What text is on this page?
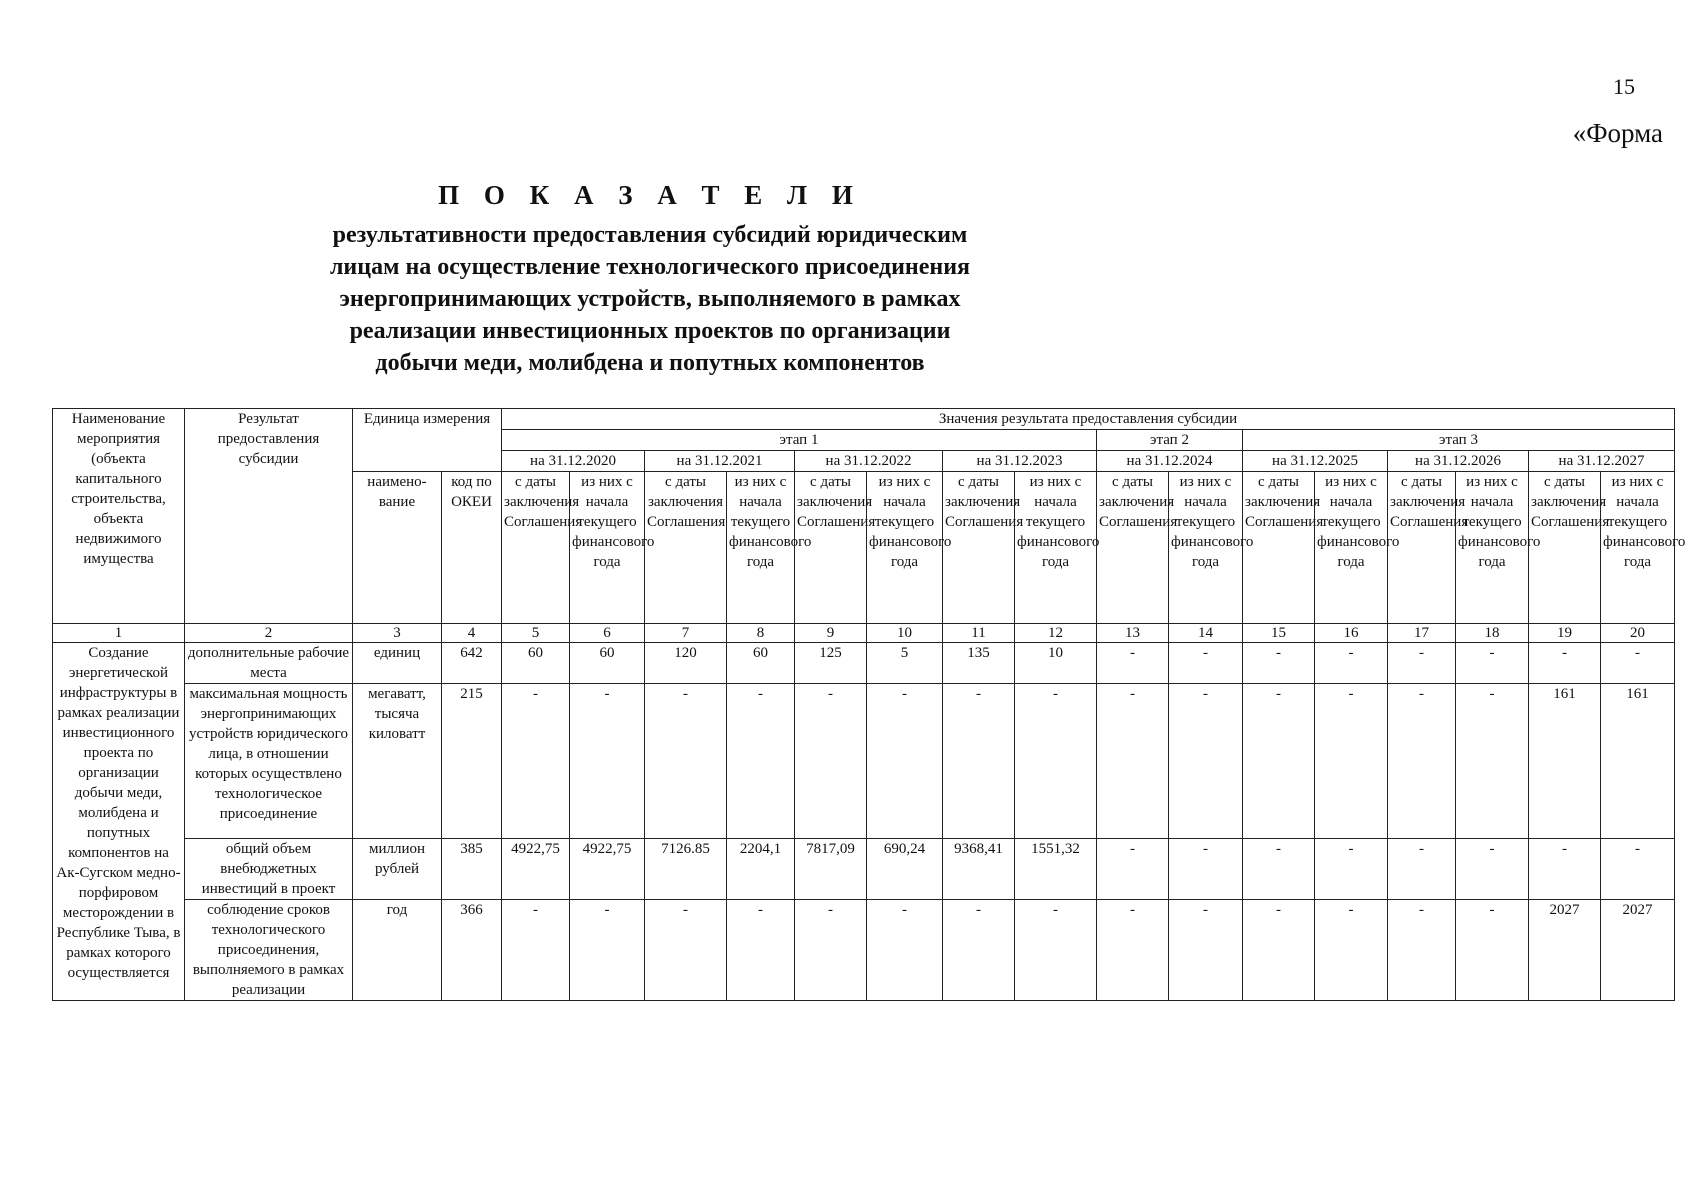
15
«Форма
П О К А З А Т Е Л И
результативности предоставления субсидий юридическим
лицам на осуществление технологического присоединения
энергопринимающих устройств, выполняемого в рамках
реализации инвестиционных проектов по организации
добычи меди, молибдена и попутных компонентов
Наименование мероприятия (объекта капитального строительства, объекта недвижимого имущества	Результат предоставления субсидии	Единица измерения		Значения результата предоставления субсидии															
				этап 1								этап 2		этап 3					
				на 31.12.2020		на 31.12.2021		на 31.12.2022		на 31.12.2023		на 31.12.2024		на 31.12.2025		на 31.12.2026		на 31.12.2027	
		наимено-вание	код по ОКЕИ	с даты заключения Соглашения	из них с начала текущего финансового года	с даты заключения Соглашения	из них с начала текущего финансового года	с даты заключения Соглашения	из них с начала текущего финансового года	с даты заключения Соглашения	из них с начала текущего финансового года	с даты заключения Соглашения	из них с начала текущего финансового года	с даты заключения Соглашения	из них с начала текущего финансового года	с даты заключения Соглашения	из них с начала текущего финансового года	с даты заключения Соглашения	из них с начала текущего финансового года
1	2	3	4	5	6	7	8	9	10	11	12	13	14	15	16	17	18	19	20
Создание энергетической инфраструктуры в рамках реализации инвестиционного проекта по организации добычи меди, молибдена и попутных компонентов на Ак-Сугском медно-порфировом месторождении в Республике Тыва, в рамках которого осуществляется	дополнительные рабочие места	единиц	642	60	60	120	60	125	5	135	10	-	-	-	-	-	-	-	-
	максимальная мощность энергопринимающих устройств юридического лица, в отношении которых осуществлено технологическое присоединение	мегаватт, тысяча киловатт	215	-	-	-	-	-	-	-	-	-	-	-	-	-	-	161	161
	общий объем внебюджетных инвестиций в проект	миллион рублей	385	4922,75	4922,75	7126.85	2204,1	7817,09	690,24	9368,41	1551,32	-	-	-	-	-	-	-	-
	соблюдение сроков технологического присоединения, выполняемого в рамках реализации	год	366	-	-	-	-	-	-	-	-	-	-	-	-	-	-	2027	2027
